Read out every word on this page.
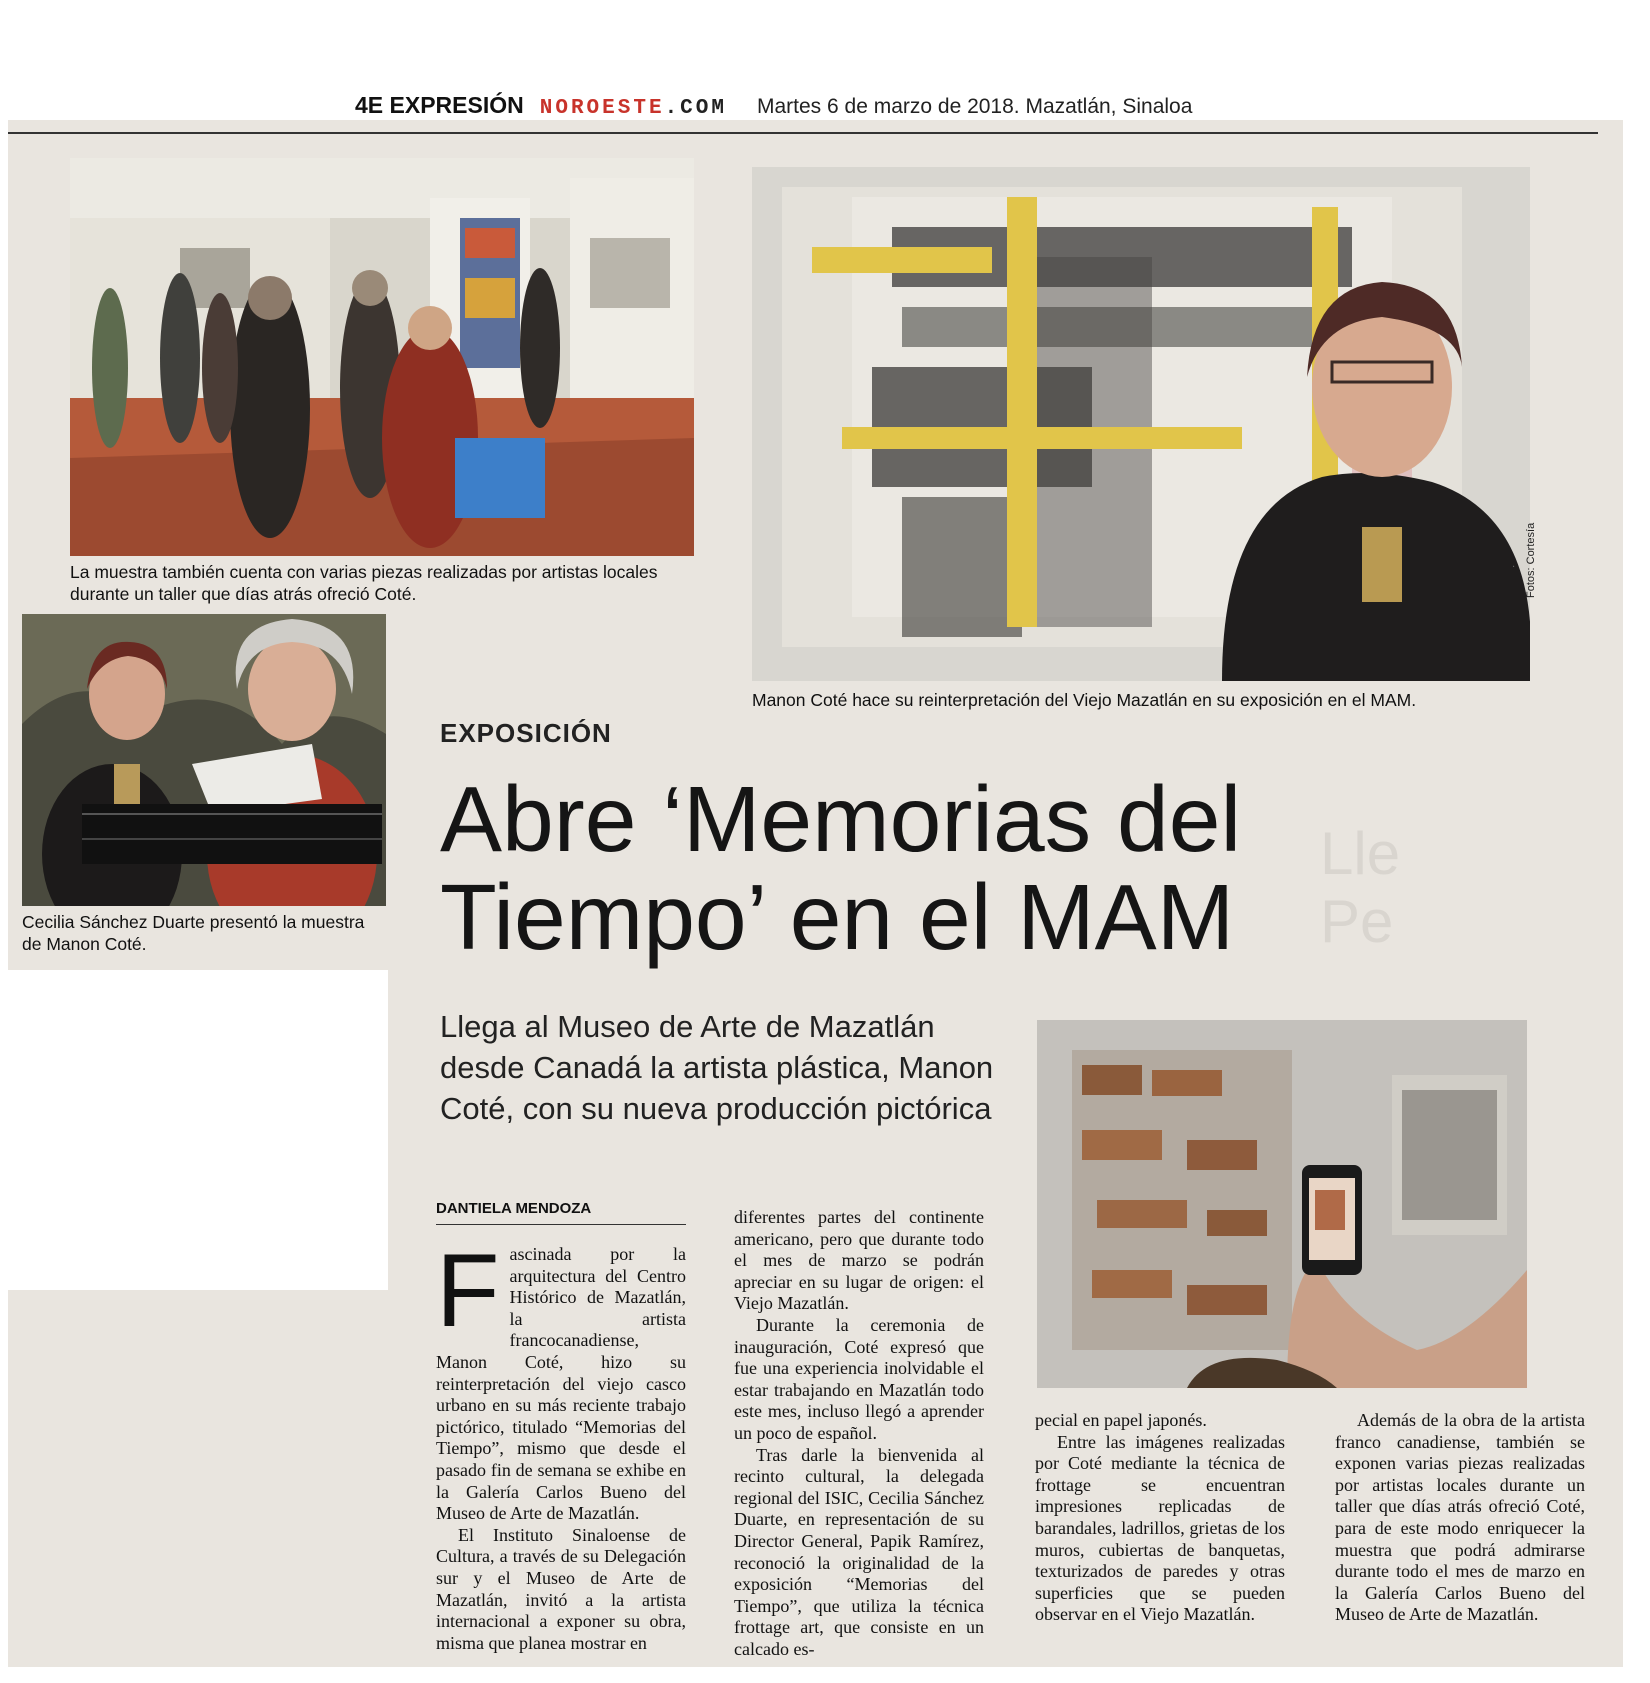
Lle
Pe
4E EXPRESIÓN NOROESTE.COM Martes 6 de marzo de 2018. Mazatlán, Sinaloa
La muestra también cuenta con varias piezas realizadas por artistas locales durante un taller que días atrás ofreció Coté.
. Fotos: Cortesía
Manon Coté hace su reinterpretación del Viejo Mazatlán en su exposición en el MAM.
Cecilia Sánchez Duarte presentó la muestra de Manon Coté.
EXPOSICIÓN
Abre ‘Memorias del Tiempo’ en el MAM
Llega al Museo de Arte de Mazatlán desde Canadá la artista plástica, Manon Coté, con su nueva producción pictórica
DANTIELA MENDOZA

Fascinada por la arquitectura del Centro Histórico de Mazatlán, la artista francocanadiense, Manon Coté, hizo su reinterpretación del viejo casco urbano en su más reciente trabajo pictórico, titulado “Memorias del Tiempo”, mismo que desde el pasado fin de semana se exhibe en la Galería Carlos Bueno del Museo de Arte de Mazatlán.

El Instituto Sinaloense de Cultura, a través de su Delegación sur y el Museo de Arte de Mazatlán, invitó a la artista internacional a exponer su obra, misma que planea mostrar en

diferentes partes del continente americano, pero que durante todo el mes de marzo se podrán apreciar en su lugar de origen: el Viejo Mazatlán.

Durante la ceremonia de inauguración, Coté expresó que fue una experiencia inolvidable el estar trabajando en Mazatlán todo este mes, incluso llegó a aprender un poco de español.

Tras darle la bienvenida al recinto cultural, la delegada regional del ISIC, Cecilia Sánchez Duarte, en representación de su Director General, Papik Ramírez, reconoció la originalidad de la exposición “Memorias del Tiempo”, que utiliza la técnica frottage art, que consiste en un calcado es-

pecial en papel japonés.

Entre las imágenes realizadas por Coté mediante la técnica de frottage se encuentran impresiones replicadas de barandales, ladrillos, grietas de los muros, cubiertas de banquetas, texturizados de paredes y otras superficies que se pueden observar en el Viejo Mazatlán.

Además de la obra de la artista franco canadiense, también se exponen varias piezas realizadas por artistas locales durante un taller que días atrás ofreció Coté, para de este modo enriquecer la muestra que podrá admirarse durante todo el mes de marzo en la Galería Carlos Bueno del Museo de Arte de Mazatlán.
